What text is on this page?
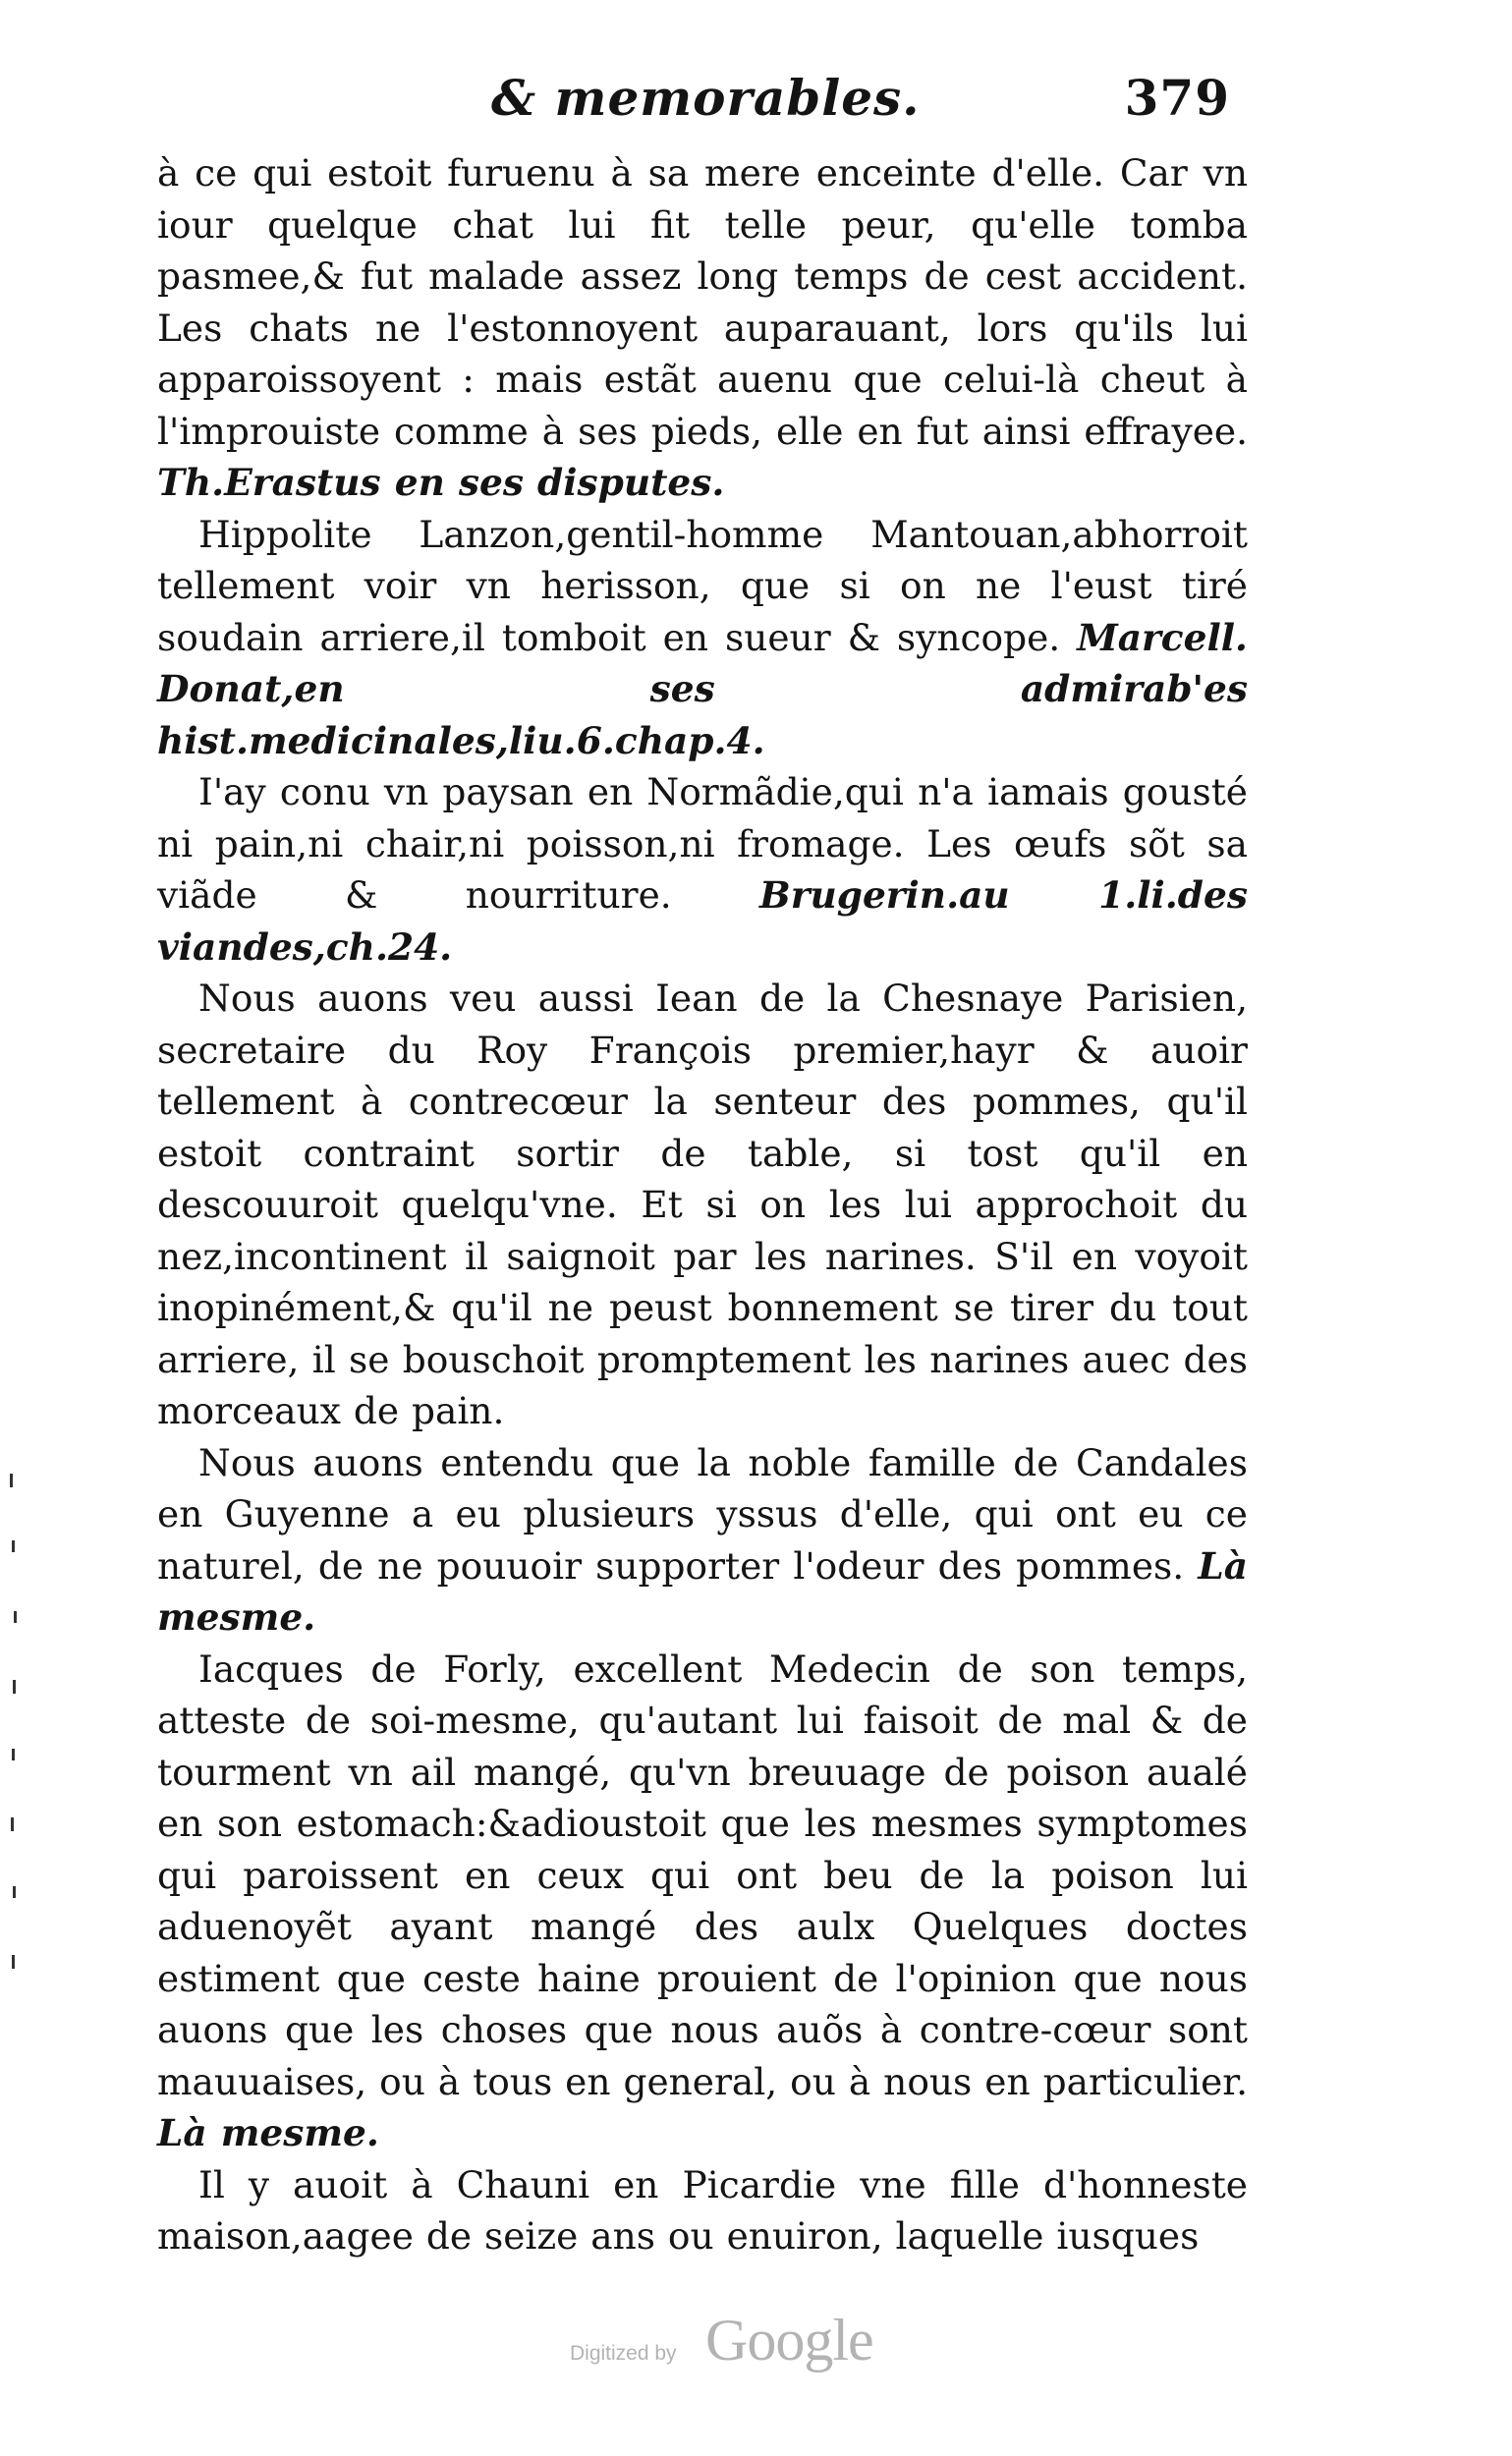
& memorables.	379

à ce qui estoit furuenu à sa mere enceinte d'elle. Car vn iour quelque chat lui fit telle peur, qu'elle tomba pasmee,& fut malade assez long temps de cest accident. Les chats ne l'estonnoyent auparauant, lors qu'ils lui apparoissoyent : mais estãt auenu que celui-là cheut à l'improuiste comme à ses pieds, elle en fut ainsi effrayee. Th.Erastus en ses disputes.

Hippolite Lanzon,gentil-homme Mantouan,abhorroit tellement voir vn herisson, que si on ne l'eust tiré soudain arriere,il tomboit en sueur & syncope. Marcell. Donat,en ses admirab'es hist.medicinales,liu.6.chap.4.

I'ay conu vn paysan en Normãdie,qui n'a iamais gousté ni pain,ni chair,ni poisson,ni fromage. Les œufs sõt sa viãde & nourriture. Brugerin.au 1.li.des viandes,ch.24.

Nous auons veu aussi Iean de la Chesnaye Parisien, secretaire du Roy François premier,hayr & auoir tellement à contrecœur la senteur des pommes, qu'il estoit contraint sortir de table, si tost qu'il en descouuroit quelqu'vne. Et si on les lui approchoit du nez,incontinent il saignoit par les narines. S'il en voyoit inopinément,& qu'il ne peust bonnement se tirer du tout arriere, il se bouschoit promptement les narines auec des morceaux de pain.

Nous auons entendu que la noble famille de Candales en Guyenne a eu plusieurs yssus d'elle, qui ont eu ce naturel, de ne pouuoir supporter l'odeur des pommes. Là mesme.

Iacques de Forly, excellent Medecin de son temps, atteste de soi-mesme, qu'autant lui faisoit de mal & de tourment vn ail mangé, qu'vn breuuage de poison aualé en son estomach:&adioustoit que les mesmes symptomes qui paroissent en ceux qui ont beu de la poison lui aduenoyẽt ayant mangé des aulx Quelques doctes estiment que ceste haine prouient de l'opinion que nous auons que les choses que nous auõs à contre-cœur sont mauuaises, ou à tous en general, ou à nous en particulier. Là mesme.

Il y auoit à Chauni en Picardie vne fille d'honneste maison,aagee de seize ans ou enuiron, laquelle iusques

Digitized by Google
